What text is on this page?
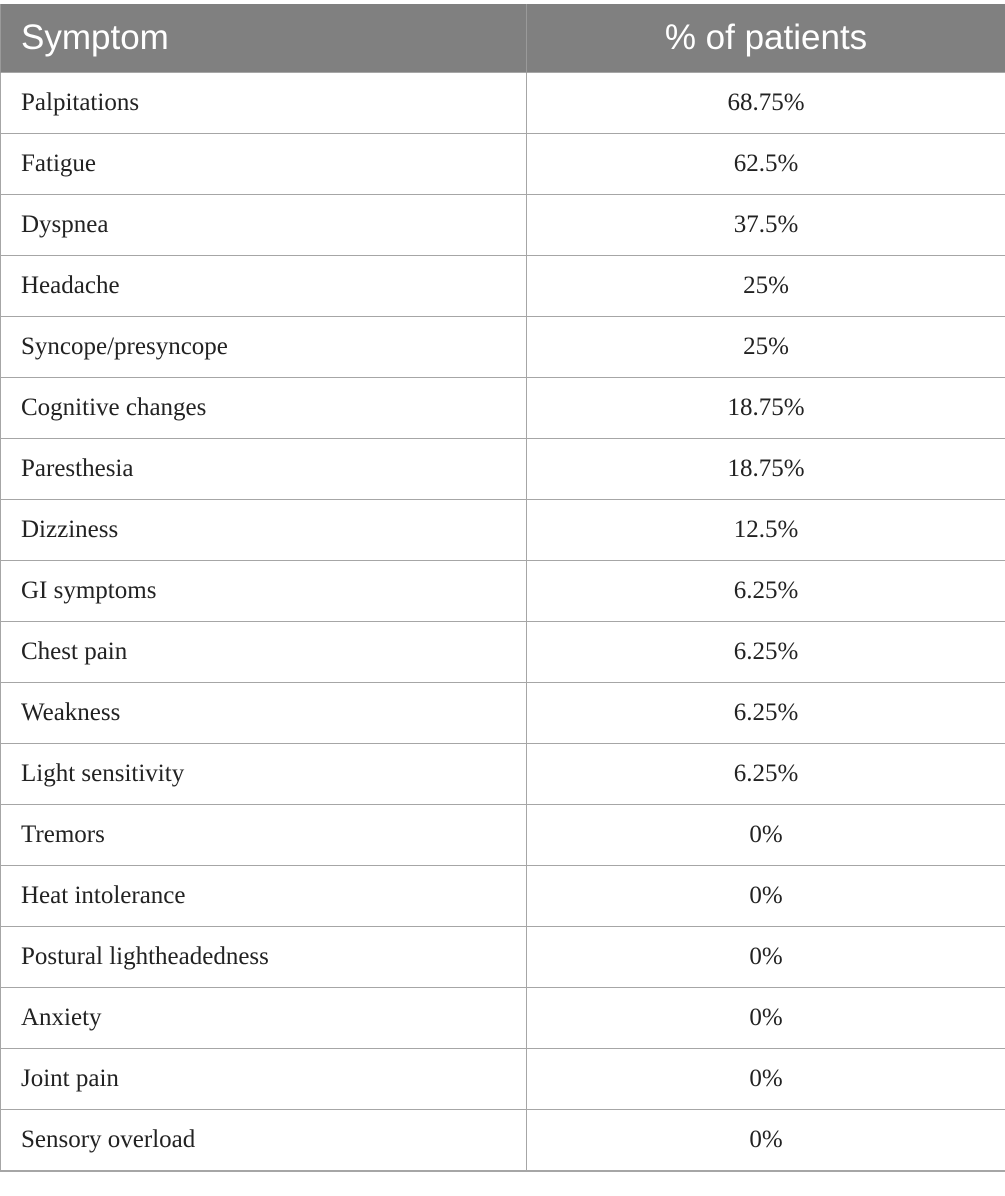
Symptom	% of patients
Palpitations	68.75%
Fatigue	62.5%
Dyspnea	37.5%
Headache	25%
Syncope/presyncope	25%
Cognitive changes	18.75%
Paresthesia	18.75%
Dizziness	12.5%
GI symptoms	6.25%
Chest pain	6.25%
Weakness	6.25%
Light sensitivity	6.25%
Tremors	0%
Heat intolerance	0%
Postural lightheadedness	0%
Anxiety	0%
Joint pain	0%
Sensory overload	0%
